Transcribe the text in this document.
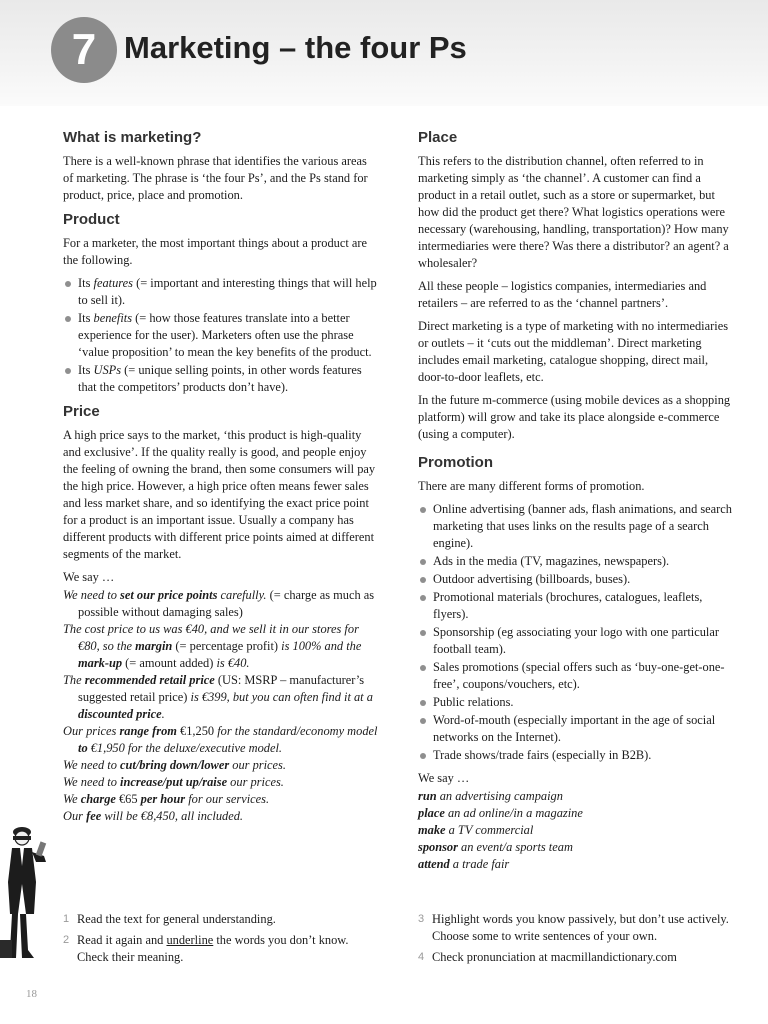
7 Marketing – the four Ps
What is marketing?

There is a well-known phrase that identifies the various areas of marketing. The phrase is ‘the four Ps’, and the Ps stand for product, price, place and promotion.

Product

For a marketer, the most important things about a product are the following.

Its features (= important and interesting things that will help to sell it).
Its benefits (= how those features translate into a better experience for the user). Marketers often use the phrase ‘value proposition’ to mean the key benefits of the product.
Its USPs (= unique selling points, in other words features that the competitors’ products don’t have).
Price

A high price says to the market, ‘this product is high-quality and exclusive’. If the quality really is good, and people enjoy the feeling of owning the brand, then some consumers will pay the high price. However, a high price often means fewer sales and less market share, and so identifying the exact price point for a product is an important issue. Usually a company has different products with different price points aimed at different segments of the market.

We say …

We need to set our price points carefully. (= charge as much as possible without damaging sales)
The cost price to us was €40, and we sell it in our stores for €80, so the margin (= percentage profit) is 100% and the mark-up (= amount added) is €40.
The recommended retail price (US: MSRP – manufacturer’s suggested retail price) is €399, but you can often find it at a discounted price.
Our prices range from €1,250 for the standard/economy model to €1,950 for the deluxe/executive model.
We need to cut/bring down/lower our prices.
We need to increase/put up/raise our prices.
We charge €65 per hour for our services.
Our fee will be €8,450, all included.
Place

This refers to the distribution channel, often referred to in marketing simply as ‘the channel’. A customer can find a product in a retail outlet, such as a store or supermarket, but how did the product get there? What logistics operations were necessary (warehousing, handling, transportation)? How many intermediaries were there? Was there a distributor? an agent? a wholesaler?

All these people – logistics companies, intermediaries and retailers – are referred to as the ‘channel partners’.

Direct marketing is a type of marketing with no intermediaries or outlets – it ‘cuts out the middleman’. Direct marketing includes email marketing, catalogue shopping, direct mail, door-to-door leaflets, etc.

In the future m-commerce (using mobile devices as a shopping platform) will grow and take its place alongside e-commerce (using a computer).

Promotion

There are many different forms of promotion.

Online advertising (banner ads, flash animations, and search marketing that uses links on the results page of a search engine).
Ads in the media (TV, magazines, newspapers).
Outdoor advertising (billboards, buses).
Promotional materials (brochures, catalogues, leaflets, flyers).
Sponsorship (eg associating your logo with one particular football team).
Sales promotions (special offers such as ‘buy-one-get-one-free’, coupons/vouchers, etc).
Public relations.
Word-of-mouth (especially important in the age of social networks on the Internet).
Trade shows/trade fairs (especially in B2B).

We say …

run an advertising campaign
place an ad online/in a magazine
make a TV commercial
sponsor an event/a sports team
attend a trade fair
1 Read the text for general understanding.
2 Read it again and underline the words you don’t know. Check their meaning.
3 Highlight words you know passively, but don’t use actively. Choose some to write sentences of your own.
4 Check pronunciation at macmillandictionary.com
18
